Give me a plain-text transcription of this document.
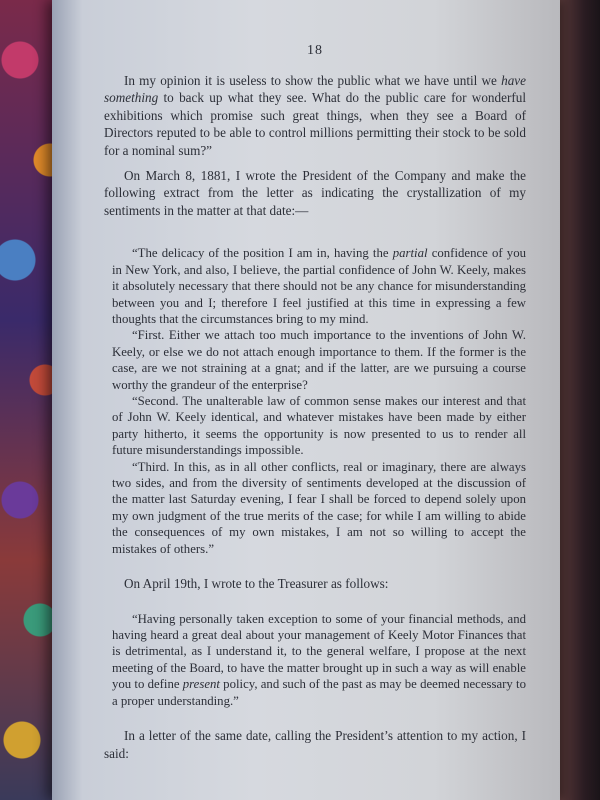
18

In my opinion it is useless to show the public what we have until we have something to back up what they see. What do the public care for wonderful exhibitions which promise such great things, when they see a Board of Directors reputed to be able to control millions permitting their stock to be sold for a nominal sum?”

On March 8, 1881, I wrote the President of the Company and make the following extract from the letter as indicating the crystallization of my sentiments in the matter at that date:—

“The delicacy of the position I am in, having the partial confidence of you in New York, and also, I believe, the partial confidence of John W. Keely, makes it absolutely necessary that there should not be any chance for misunderstanding between you and I; therefore I feel justified at this time in expressing a few thoughts that the circumstances bring to my mind.

“First. Either we attach too much importance to the inventions of John W. Keely, or else we do not attach enough importance to them. If the former is the case, are we not straining at a gnat; and if the latter, are we pursuing a course worthy the grandeur of the enterprise?

“Second. The unalterable law of common sense makes our interest and that of John W. Keely identical, and whatever mistakes have been made by either party hitherto, it seems the opportunity is now presented to us to render all future misunderstandings impossible.

“Third. In this, as in all other conflicts, real or imaginary, there are always two sides, and from the diversity of sentiments developed at the discussion of the matter last Saturday evening, I fear I shall be forced to depend solely upon my own judgment of the true merits of the case; for while I am willing to abide the consequences of my own mistakes, I am not so willing to accept the mistakes of others.”

On April 19th, I wrote to the Treasurer as follows:

“Having personally taken exception to some of your financial methods, and having heard a great deal about your management of Keely Motor Finances that is detrimental, as I understand it, to the general welfare, I propose at the next meeting of the Board, to have the matter brought up in such a way as will enable you to define present policy, and such of the past as may be deemed necessary to a proper understanding.”

In a letter of the same date, calling the President’s attention to my action, I said:
